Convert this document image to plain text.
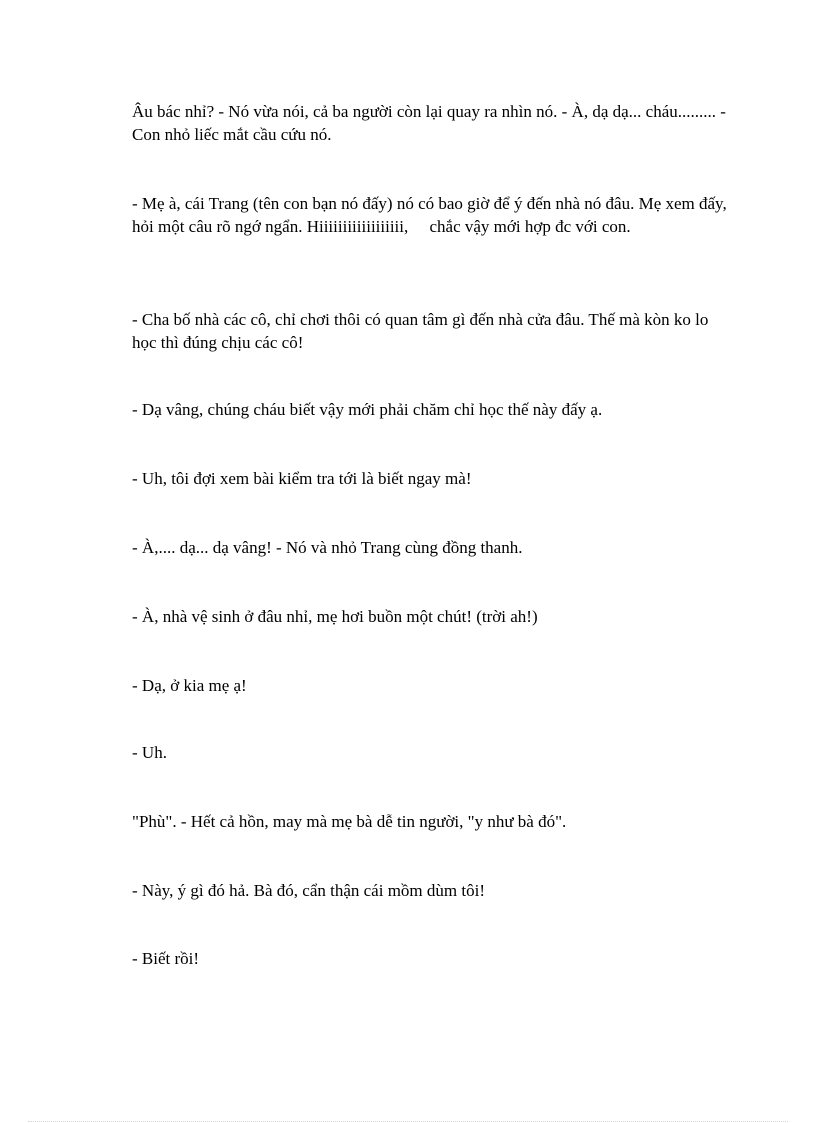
Âu bác nhỉ? - Nó vừa nói, cả ba người còn lại quay ra nhìn nó. - À, dạ dạ... cháu......... - Con nhỏ liếc mắt cầu cứu nó.

- Mẹ à, cái Trang (tên con bạn nó đấy) nó có bao giờ để ý đến nhà nó đâu. Mẹ xem đấy, hỏi một câu rõ ngớ ngẩn. Hiiiiiiiiiiiiiiiiii,     chắc vậy mới hợp đc với con.

- Cha bố nhà các cô, chỉ chơi thôi có quan tâm gì đến nhà cửa đâu. Thế mà kòn ko lo học thì đúng chịu các cô!

- Dạ vâng, chúng cháu biết vậy mới phải chăm chỉ học thế này đấy ạ.

- Uh, tôi đợi xem bài kiểm tra tới là biết ngay mà!

- À,.... dạ... dạ vâng! - Nó và nhỏ Trang cùng đồng thanh.

- À, nhà vệ sinh ở đâu nhỉ, mẹ hơi buồn một chút! (trời ah!)

- Dạ, ở kia mẹ ạ!

- Uh.

"Phù". - Hết cả hồn, may mà mẹ bà dễ tin người, "y như bà đó".

- Này, ý gì đó hả. Bà đó, cẩn thận cái mồm dùm tôi!

- Biết rồi!
